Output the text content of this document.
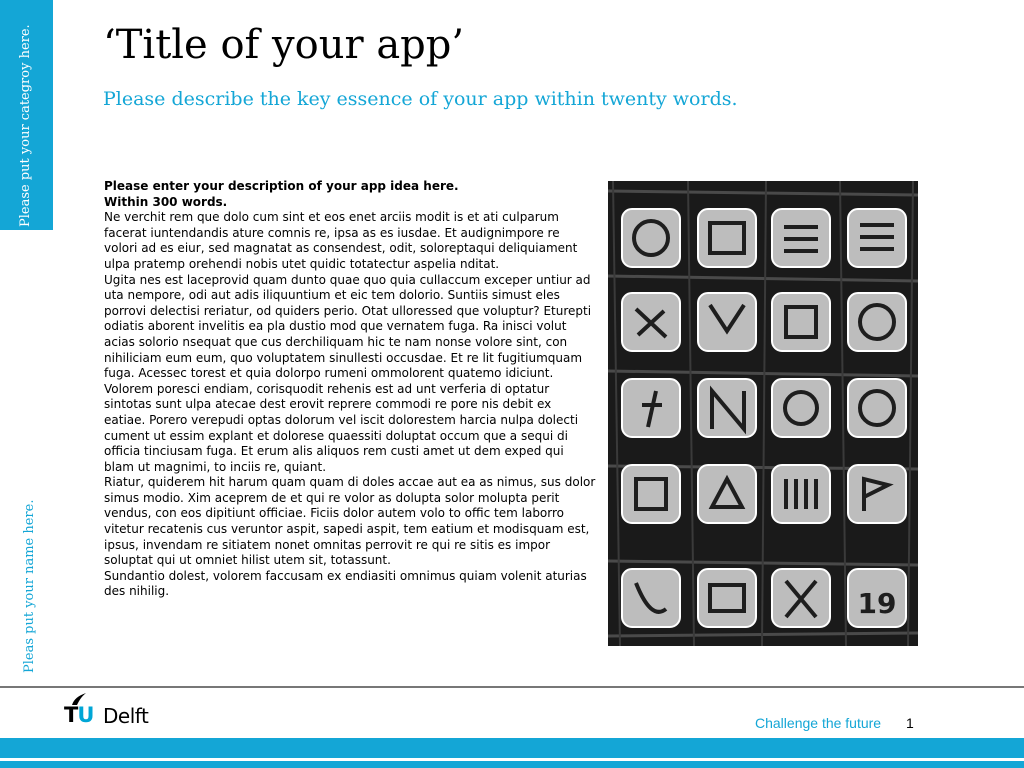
Please put your categroy here.
Pleas put your name here.
‘Title of your app’
Please describe the key essence of your app within twenty words.

Please enter your description of your app idea here.

Within 300 words.

Ne verchit rem que dolo cum sint et eos enet arciis modit is et ati culparum facerat iuntendandis ature comnis re, ipsa as es iusdae. Et audignimpore re volori ad es eiur, sed magnatat as consendest, odit, soloreptaqui deliquiament ulpa pratemp orehendi nobis utet quidic totatectur aspelia nditat.

Ugita nes est laceprovid quam dunto quae quo quia cullaccum exceper untiur ad uta nempore, odi aut adis iliquuntium et eic tem dolorio. Suntiis simust eles porrovi delectisi reriatur, od quiders perio. Otat ulloressed que voluptur? Eturepti odiatis aborent invelitis ea pla dustio mod que vernatem fuga. Ra inisci volut acias solorio nsequat que cus derchiliquam hic te nam nonse volore sint, con nihiliciam eum eum, quo voluptatem sinullesti occusdae. Et re lit fugitiumquam fuga. Acessec torest et quia dolorpo rumeni ommolorent quatemo idiciunt.

Volorem poresci endiam, corisquodit rehenis est ad unt verferia di optatur sintotas sunt ulpa atecae dest erovit reprere commodi re pore nis debit ex eatiae. Porero verepudi optas dolorum vel iscit dolorestem harcia nulpa dolecti cument ut essim explant et dolorese quaessiti doluptat occum que a sequi di officia tinciusam fuga. Et erum alis aliquos rem custi amet ut dem exped qui blam ut magnimi, to inciis re, quiant.

Riatur, quiderem hit harum quam quam di doles accae aut ea as nimus, sus dolor simus modio. Xim aceprem de et qui re volor as dolupta solor molupta perit vendus, con eos dipitiunt officiae. Ficiis dolor autem volo to offic tem laborro vitetur recatenis cus veruntor aspit, sapedi aspit, tem eatium et modisquam est, ipsus, invendam re sitiatem nonet omnitas perrovit re qui re sitis es impor soluptat qui ut omniet hilist utem sit, totassunt.

Sundantio dolest, volorem faccusam ex endiasiti omnimus quiam volenit aturias des nihilig.	19
TU Delft	Challenge the future 1
